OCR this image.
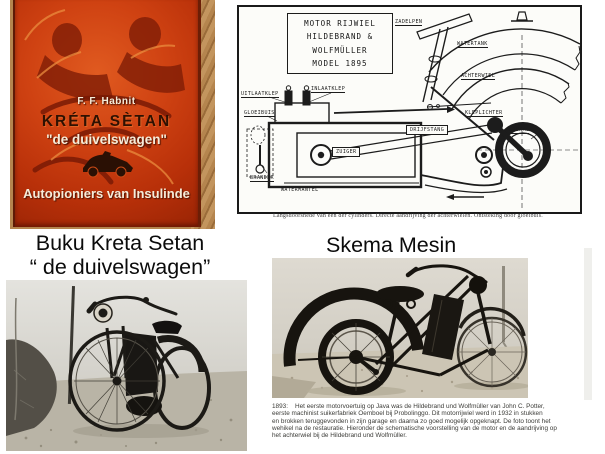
F. F. Habnit
KRÉTA SÈTAN
"de duivelswagen"
Autopioniers van Insulinde
MOTOR RIJWIEL
HILDEBRAND &
WOLFMÜLLER
MODEL 1895
UITLAATKLEP
INLAATKLEP
GLOEIBUIS
BRANDER
WATERMANTEL
ZUIGER
DRIJFSTANG
ZADELPEN
WATERTANK
ACHTERWIEL
KLEPLICHTER
KRUKAS
Langsdoorsnede van een der cylinders. Directe aandrijving der achterwielen. Ontsteking door gloeibuis.
Buku Kreta Setan
“ de duivelswagen”
Skema Mesin
1893: Het eerste motorvoertuig op Java was de Hildebrand und Wolfmüller van John C. Potter,
eerste machinist suikerfabriek Oemboel bij Probolinggo. Dit motorrijwiel werd in 1932 in stukken
en brokken teruggevonden in zijn garage en daarna zo goed mogelijk opgeknapt. De foto toont het
wehikel na de restauratie. Hieronder de schematische voorstelling van de motor en de aandrijving op
het achterwiel bij de Hildebrand und Wolfmüller.
